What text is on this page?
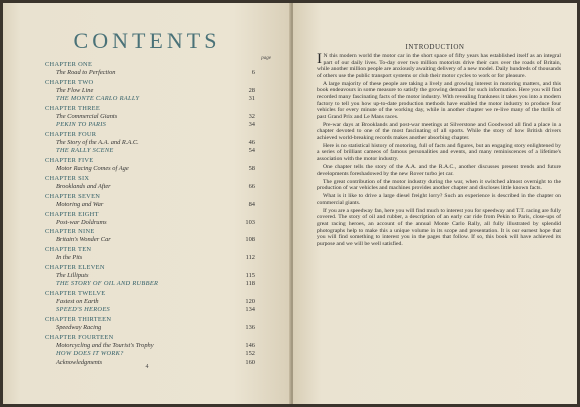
CONTENTS
page
CHAPTER ONE
The Road to Perfection	6
CHAPTER TWO
The Flow Line	28
THE MONTE CARLO RALLY	31
CHAPTER THREE
The Commercial Giants	32
PEKIN TO PARIS	34
CHAPTER FOUR
The Story of the A.A. and R.A.C.	46
THE RALLY SCENE	54
CHAPTER FIVE
Motor Racing Comes of Age	58
CHAPTER SIX
Brooklands and After	66
CHAPTER SEVEN
Motoring and War	84
CHAPTER EIGHT
Post-war Doldrums	103
CHAPTER NINE
Britain's Wonder Car	108
CHAPTER TEN
In the Pits	112
CHAPTER ELEVEN
The Lilliputs	115
THE STORY OF OIL AND RUBBER	118
CHAPTER TWELVE
Fastest on Earth	120
SPEED'S HEROES	134
CHAPTER THIRTEEN
Speedway Racing	136
CHAPTER FOURTEEN
Motorcycling and the Tourist's Trophy	146
HOW DOES IT WORK?	152
Acknowledgments	160
4
INTRODUCTION

I N this modern world the motor car in the short space of fifty years has established itself as an integral part of our daily lives. To-day over two million motorists drive their cars over the roads of Britain, while another million people are anxiously awaiting delivery of a new model. Daily hundreds of thousands of others use the public transport systems or club their motor cycles to work or for pleasure.

A large majority of these people are taking a lively and growing interest in motoring matters, and this book endeavours in some measure to satisfy the growing demand for such information. Here you will find recorded many fascinating facts of the motor industry. With revealing frankness it takes you into a modern factory to tell you how up-to-date production methods have enabled the motor industry to produce four vehicles for every minute of the working day, while in another chapter we re-live many of the thrills of past Grand Prix and Le Mans races.

Pre-war days at Brooklands and post-war meetings at Silverstone and Goodwood all find a place in a chapter devoted to one of the most fascinating of all sports. While the story of how British drivers achieved world-breaking records makes another absorbing chapter.

Here is no statistical history of motoring, full of facts and figures, but an engaging story enlightened by a series of brilliant cameos of famous personalities and events, and many reminiscences of a lifetime's association with the motor industry.

One chapter tells the story of the A.A. and the R.A.C., another discusses present trends and future developments foreshadowed by the new Rover turbo jet car.

The great contribution of the motor industry during the war, when it switched almost overnight to the production of war vehicles and machines provides another chapter and discloses little known facts.

What is it like to drive a large diesel freight lorry? Such an experience is described in the chapter on commercial giants.

If you are a speedway fan, here you will find much to interest you for speedway and T.T. racing are fully covered. The story of oil and rubber, a description of an early car ride from Pekin to Paris, close-ups of great racing heroes, an account of the annual Monte Carlo Rally, all fully illustrated by splendid photographs help to make this a unique volume in its scope and presentation. It is our earnest hope that you will find something to interest you in the pages that follow. If so, this book will have achieved its purpose and we will be well satisfied.
